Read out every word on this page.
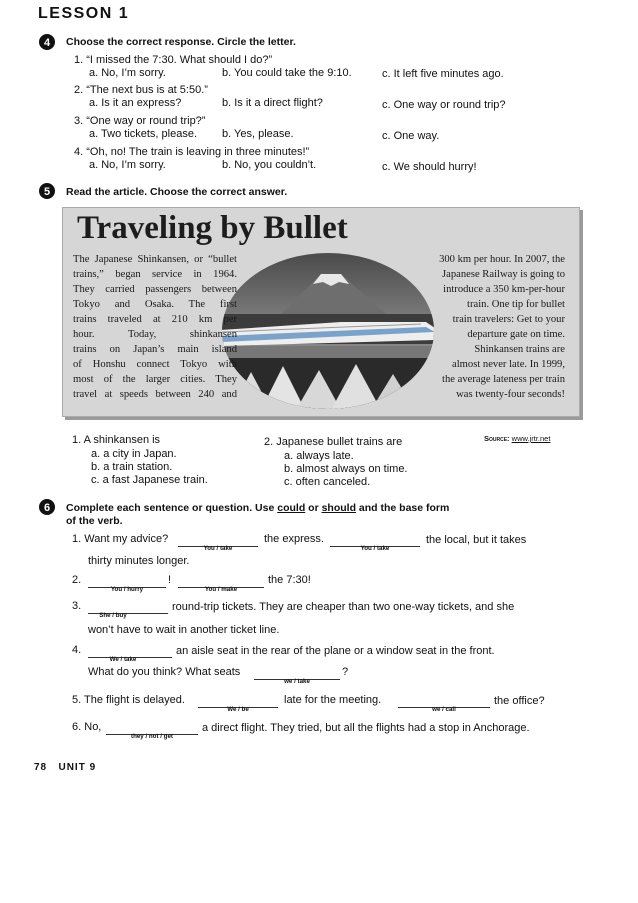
LESSON 1
4 Choose the correct response. Circle the letter.
1. “I missed the 7:30. What should I do?”
a. No, I’m sorry.	b. You could take the 9:10.	c. It left five minutes ago.
2. “The next bus is at 5:50.”
a. Is it an express?	b. Is it a direct flight?	c. One way or round trip?
3. “One way or round trip?”
a. Two tickets, please. b. Yes, please.	c. One way.
4. “Oh, no! The train is leaving in three minutes!”
a. No, I’m sorry.	b. No, you couldn’t.	c. We should hurry!
5 Read the article. Choose the correct answer.
Traveling by Bullet
The Japanese Shinkansen, or “bullet
trains,” began service in 1964.
They carried passengers between
Tokyo and Osaka. The first
trains traveled at 210 km per
hour. Today, shinkansen
trains on Japan’s main island
of Honshu connect Tokyo with
most of the larger cities. They
travel at speeds between 240 and
300 km per hour. In 2007, the
Japanese Railway is going to
introduce a 350 km-per-hour
train. One tip for bullet
train travelers: Get to your
departure gate on time.
Shinkansen trains are
almost never late. In 1999,
the average lateness per train
was twenty-four seconds!
Source: www.jrtr.net
1. A shinkansen is
a. a city in Japan.
b. a train station.
c. a fast Japanese train.
2. Japanese bullet trains are
a. always late.
b. almost always on time.
c. often canceled.
6 Complete each sentence or question. Use could or should and the base form
of the verb.
1. Want my advice?
You / take
the express.
You / take
the local, but it takes
thirty minutes longer.
2.
You / hurry
!
You / make
the 7:30!
3.
She / buy
round-trip tickets. They are cheaper than two one-way tickets, and she
won’t have to wait in another ticket line.
4.
We / take
an aisle seat in the rear of the plane or a window seat in the front.
What do you think? What seats
we / take
?
5. The flight is delayed.
We / be
late for the meeting.
we / call
the office?
6. No,
they / not / get
a direct flight. They tried, but all the flights had a stop in Anchorage.
78 UNIT 9
